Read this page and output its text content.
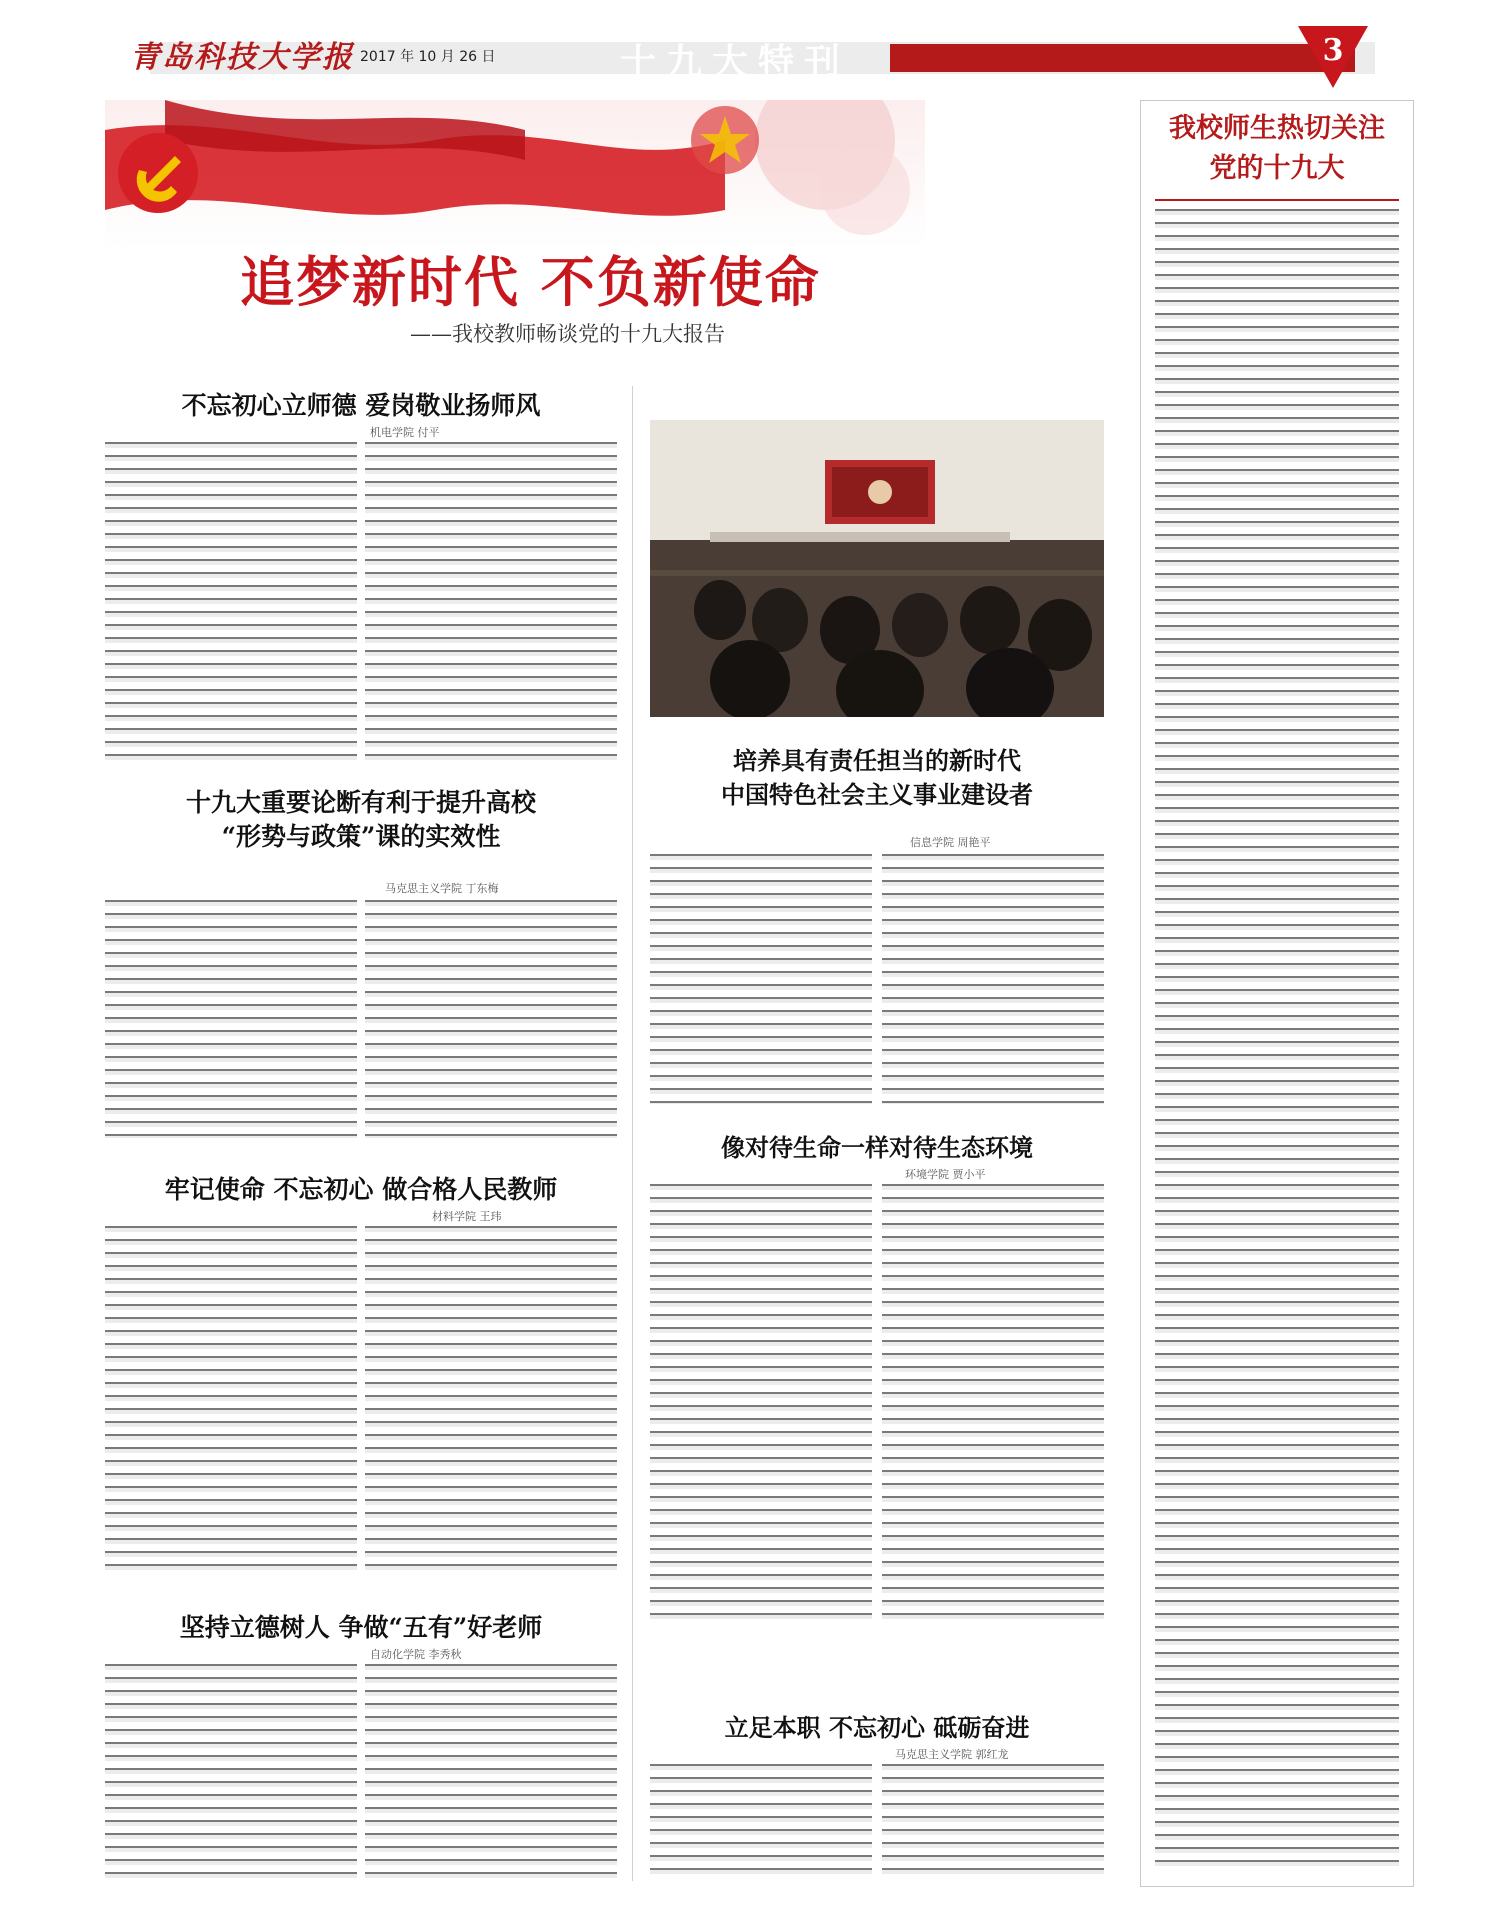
青岛科技大学报 2017 年 10 月 26 日	十九大特刊	3
追梦新时代 不负新使命
——我校教师畅谈党的十九大报告
我校师生热切关注
党的十九大
不忘初心立师德 爱岗敬业扬师风
机电学院 付平
十九大重要论断有利于提升高校
“形势与政策”课的实效性
马克思主义学院 丁东梅
牢记使命 不忘初心 做合格人民教师
材料学院 王玮
坚持立德树人 争做“五有”好老师
自动化学院 李秀秋
培养具有责任担当的新时代
中国特色社会主义事业建设者
信息学院 周艳平
像对待生命一样对待生态环境
环境学院 贾小平
立足本职 不忘初心 砥砺奋进
马克思主义学院 郭红龙
